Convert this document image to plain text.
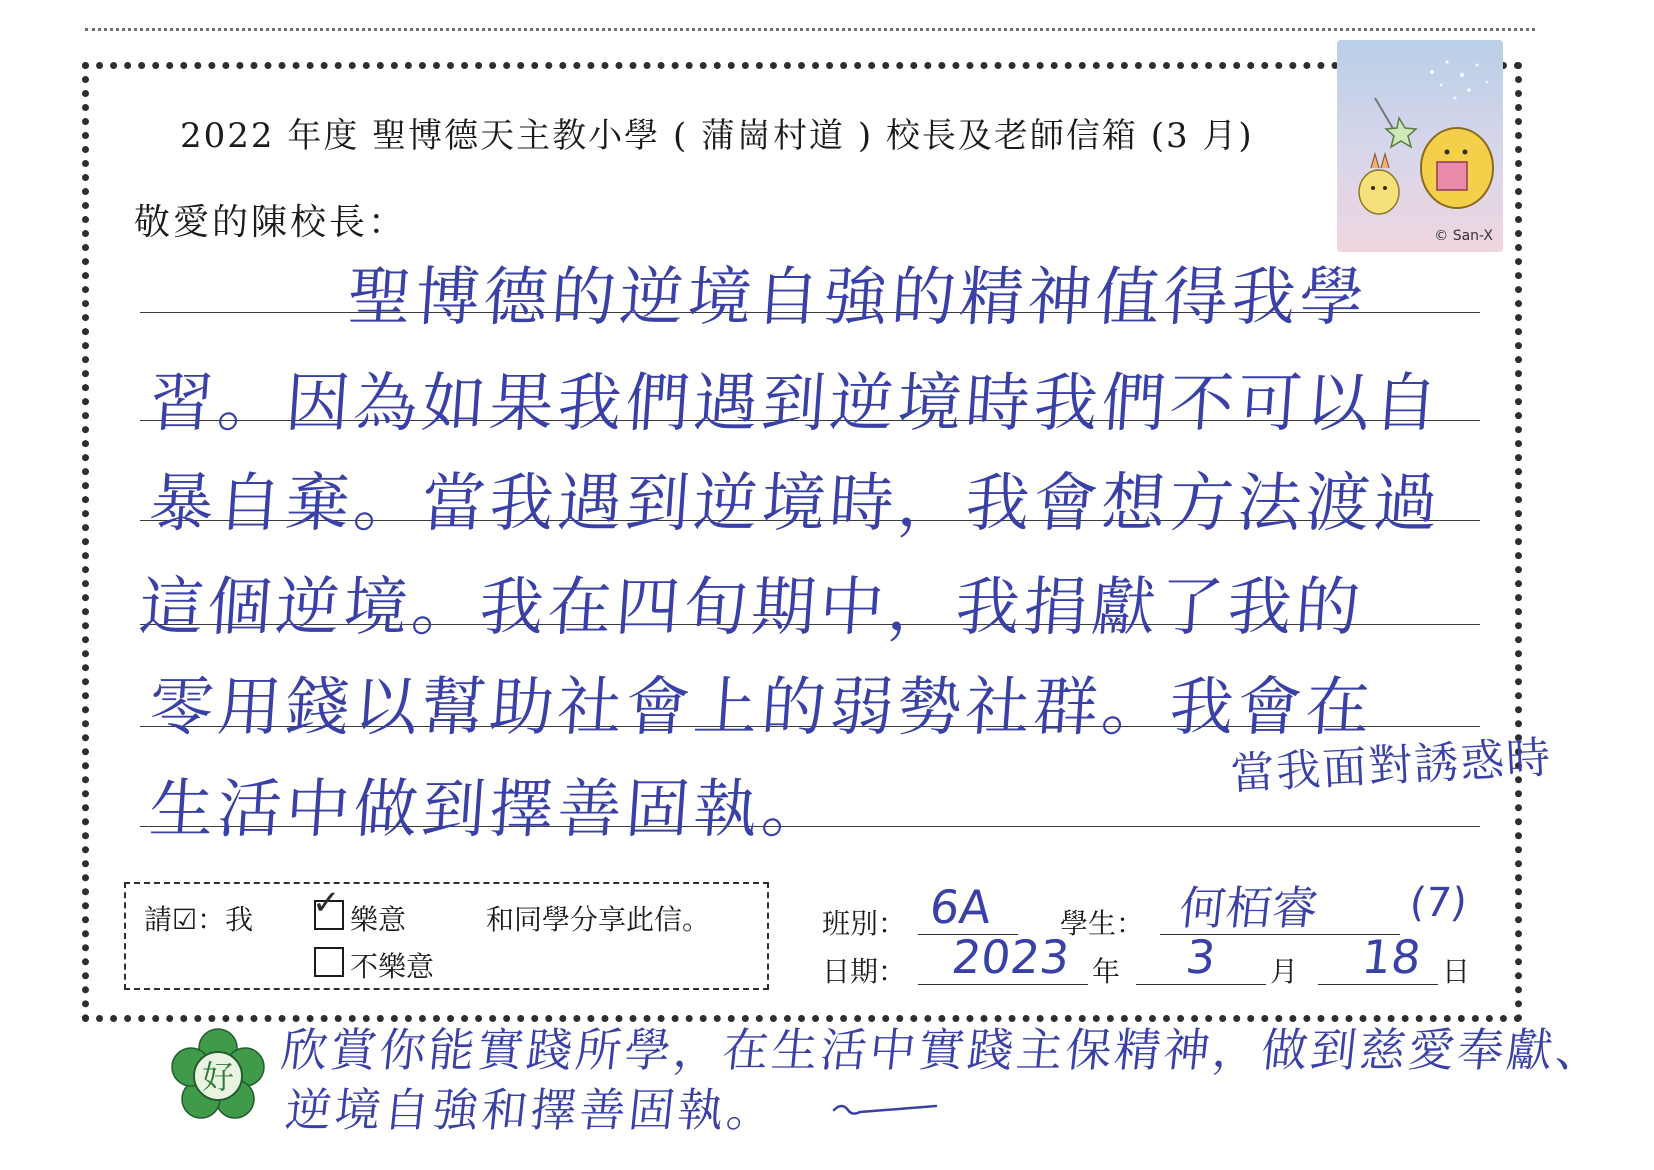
© San-X
2022 年度 聖博德天主教小學 ( 蒲崗村道 ) 校長及老師信箱 (3 月)
敬愛的陳校長：
聖博德的逆境自強的精神值得我學
習。因為如果我們遇到逆境時我們不可以自
暴自棄。當我遇到逆境時，我會想方法渡過
這個逆境。我在四旬期中，我捐獻了我的
零用錢以幫助社會上的弱勢社群。我會在
生活中做到擇善固執。
當我面對誘惑時
請☑：我 ✓ 樂意	和同學分享此信。
不樂意
班別： 6A 學生： 何栢睿 (7)
日期： 2023 年 3 月 18 日
好 欣賞你能實踐所學，在生活中實踐主保精神，做到慈愛奉獻、
逆境自強和擇善固執。
